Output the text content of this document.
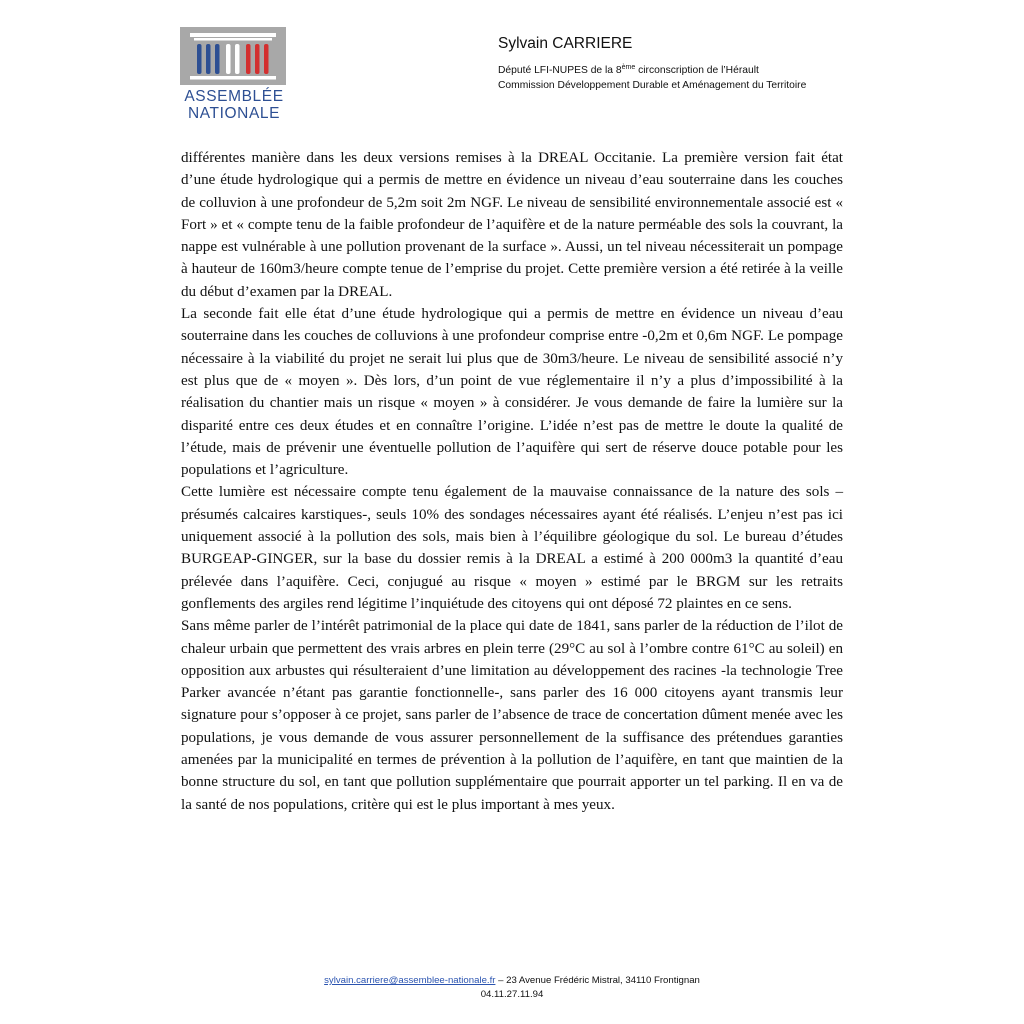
ASSEMBLÉE
NATIONALE
Sylvain CARRIERE
Député LFI-NUPES de la 8ème circonscription de l’Hérault
Commission Développement Durable et Aménagement du Territoire

différentes manière dans les deux versions remises à la DREAL Occitanie. La première version fait état d’une étude hydrologique qui a permis de mettre en évidence un niveau d’eau souterraine dans les couches de colluvion à une profondeur de 5,2m soit 2m NGF. Le niveau de sensibilité environnementale associé est « Fort » et « compte tenu de la faible profondeur de l’aquifère et de la nature perméable des sols la couvrant, la nappe est vulnérable à une pollution provenant de la surface ». Aussi, un tel niveau nécessiterait un pompage à hauteur de 160m3/heure compte tenue de l’emprise du projet. Cette première version a été retirée à la veille du début d’examen par la DREAL.

La seconde fait elle état d’une étude hydrologique qui a permis de mettre en évidence un niveau d’eau souterraine dans les couches de colluvions à une profondeur comprise entre -0,2m et 0,6m NGF. Le pompage nécessaire à la viabilité du projet ne serait lui plus que de 30m3/heure. Le niveau de sensibilité associé n’y est plus que de « moyen ». Dès lors, d’un point de vue réglementaire il n’y a plus d’impossibilité à la réalisation du chantier mais un risque « moyen » à considérer. Je vous demande de faire la lumière sur la disparité entre ces deux études et en connaître l’origine. L’idée n’est pas de mettre le doute la qualité de l’étude, mais de prévenir une éventuelle pollution de l’aquifère qui sert de réserve douce potable pour les populations et l’agriculture.

Cette lumière est nécessaire compte tenu également de la mauvaise connaissance de la nature des sols – présumés calcaires karstiques-, seuls 10% des sondages nécessaires ayant été réalisés. L’enjeu n’est pas ici uniquement associé à la pollution des sols, mais bien à l’équilibre géologique du sol. Le bureau d’études BURGEAP-GINGER, sur la base du dossier remis à la DREAL a estimé à 200 000m3 la quantité d’eau prélevée dans l’aquifère. Ceci, conjugué au risque « moyen » estimé par le BRGM sur les retraits gonflements des argiles rend légitime l’inquiétude des citoyens qui ont déposé 72 plaintes en ce sens.

Sans même parler de l’intérêt patrimonial de la place qui date de 1841, sans parler de la réduction de l’ilot de chaleur urbain que permettent des vrais arbres en plein terre (29°C au sol à l’ombre contre 61°C au soleil) en opposition aux arbustes qui résulteraient d’une limitation au développement des racines -la technologie Tree Parker avancée n’étant pas garantie fonctionnelle-, sans parler des 16 000 citoyens ayant transmis leur signature pour s’opposer à ce projet, sans parler de l’absence de trace de concertation dûment menée avec les populations, je vous demande de vous assurer personnellement de la suffisance des prétendues garanties amenées par la municipalité en termes de prévention à la pollution de l’aquifère, en tant que maintien de la bonne structure du sol, en tant que pollution supplémentaire que pourrait apporter un tel parking. Il en va de la santé de nos populations, critère qui est le plus important à mes yeux.

sylvain.carriere@assemblee-nationale.fr – 23 Avenue Frédéric Mistral, 34110 Frontignan
04.11.27.11.94
